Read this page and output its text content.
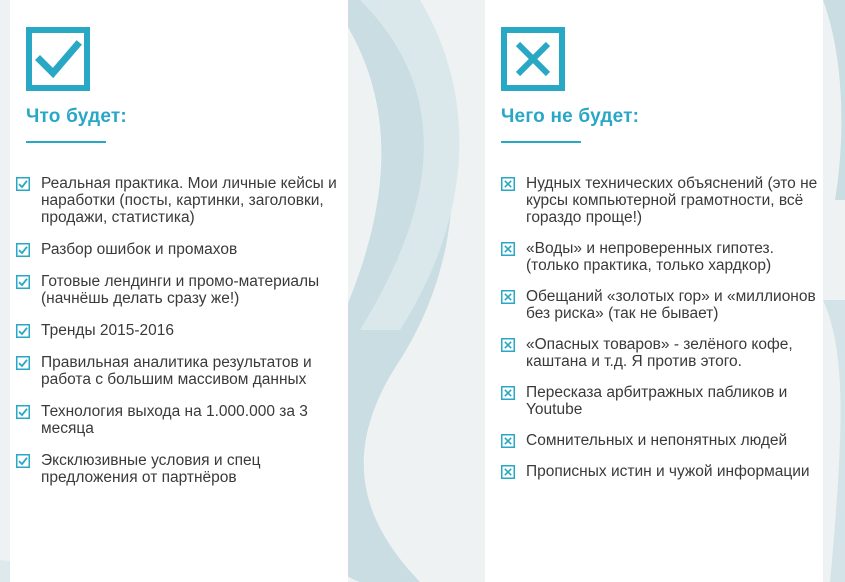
Что будет:
Реальная практика. Мои личные кейсы и наработки (посты, картинки, заголовки, продажи, статистика)
Разбор ошибок и промахов
Готовые лендинги и промо-материалы (начнёшь делать сразу же!)
Тренды 2015-2016
Правильная аналитика результатов и работа с большим массивом данных
Технология выхода на 1.000.000 за 3 месяца
Эксклюзивные условия и спец предложения от партнёров
Чего не будет:
Нудных технических объяснений (это не курсы компьютерной грамотности, всё гораздо проще!)
«Воды» и непроверенных гипотез. (только практика, только хардкор)
Обещаний «золотых гор» и «миллионов без риска» (так не бывает)
«Опасных товаров» - зелёного кофе, каштана и т.д. Я против этого.
Пересказа арбитражных пабликов и Youtube
Сомнительных и непонятных людей
Прописных истин и чужой информации
